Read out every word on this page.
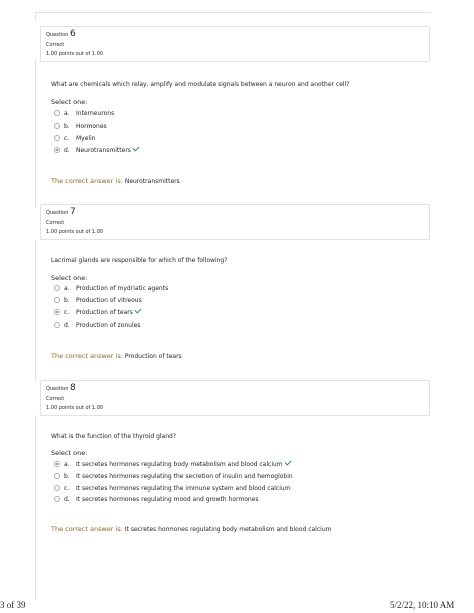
Question 6
Correct
1.00 points out of 1.00
What are chemicals which relay, amplify and modulate signals between a neuron and another cell?
Select one:
a. Interneurons
b. Hormones
c. Myelin
d. Neurotransmitters
The correct answer is: Neurotransmitters
Question 7
Correct
1.00 points out of 1.00
Lacrimal glands are responsible for which of the following?
Select one:
a. Production of mydriatic agents
b. Production of vitreous
c. Production of tears
d. Production of zonules
The correct answer is: Production of tears
Question 8
Correct
1.00 points out of 1.00
What is the function of the thyroid gland?
Select one:
a. It secretes hormones regulating body metabolism and blood calcium
b. It secretes hormones regulating the secretion of insulin and hemoglobin
c. It secretes hormones regulating the immune system and blood calcium
d. It secretes hormones regulating mood and growth hormones
The correct answer is: It secretes hormones regulating body metabolism and blood calcium
3 of 39	5/2/22, 10:10 AM
